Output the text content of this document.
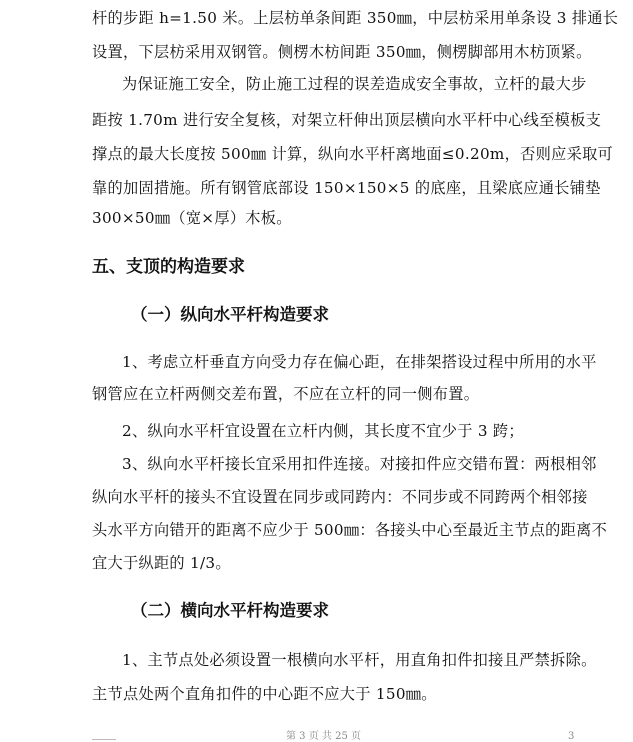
杆的步距 h=1.50 米。上层枋单条间距 350㎜，中层枋采用单条设 3 排通长
设置，下层枋采用双钢管。侧楞木枋间距 350㎜，侧楞脚部用木枋顶紧。
为保证施工安全，防止施工过程的误差造成安全事故，立杆的最大步
距按 1.70m 进行安全复核，对架立杆伸出顶层横向水平杆中心线至模板支
撑点的最大长度按 500㎜ 计算，纵向水平杆离地面≤0.20m，否则应采取可
靠的加固措施。所有钢管底部设 150×150×5 的底座，且梁底应通长铺垫
300×50㎜（宽×厚）木板。
五、支顶的构造要求
（一）纵向水平杆构造要求
1、考虑立杆垂直方向受力存在偏心距，在排架搭设过程中所用的水平
钢管应在立杆两侧交差布置，不应在立杆的同一侧布置。
2、纵向水平杆宜设置在立杆内侧，其长度不宜少于 3 跨；
3、纵向水平杆接长宜采用扣件连接。对接扣件应交错布置：两根相邻
纵向水平杆的接头不宜设置在同步或同跨内：不同步或不同跨两个相邻接
头水平方向错开的距离不应少于 500㎜：各接头中心至最近主节点的距离不
宜大于纵距的 1/3。
（二）横向水平杆构造要求
1、主节点处必须设置一根横向水平杆，用直角扣件扣接且严禁拆除。
主节点处两个直角扣件的中心距不应大于 150㎜。
第 3 页 共 25 页	3
